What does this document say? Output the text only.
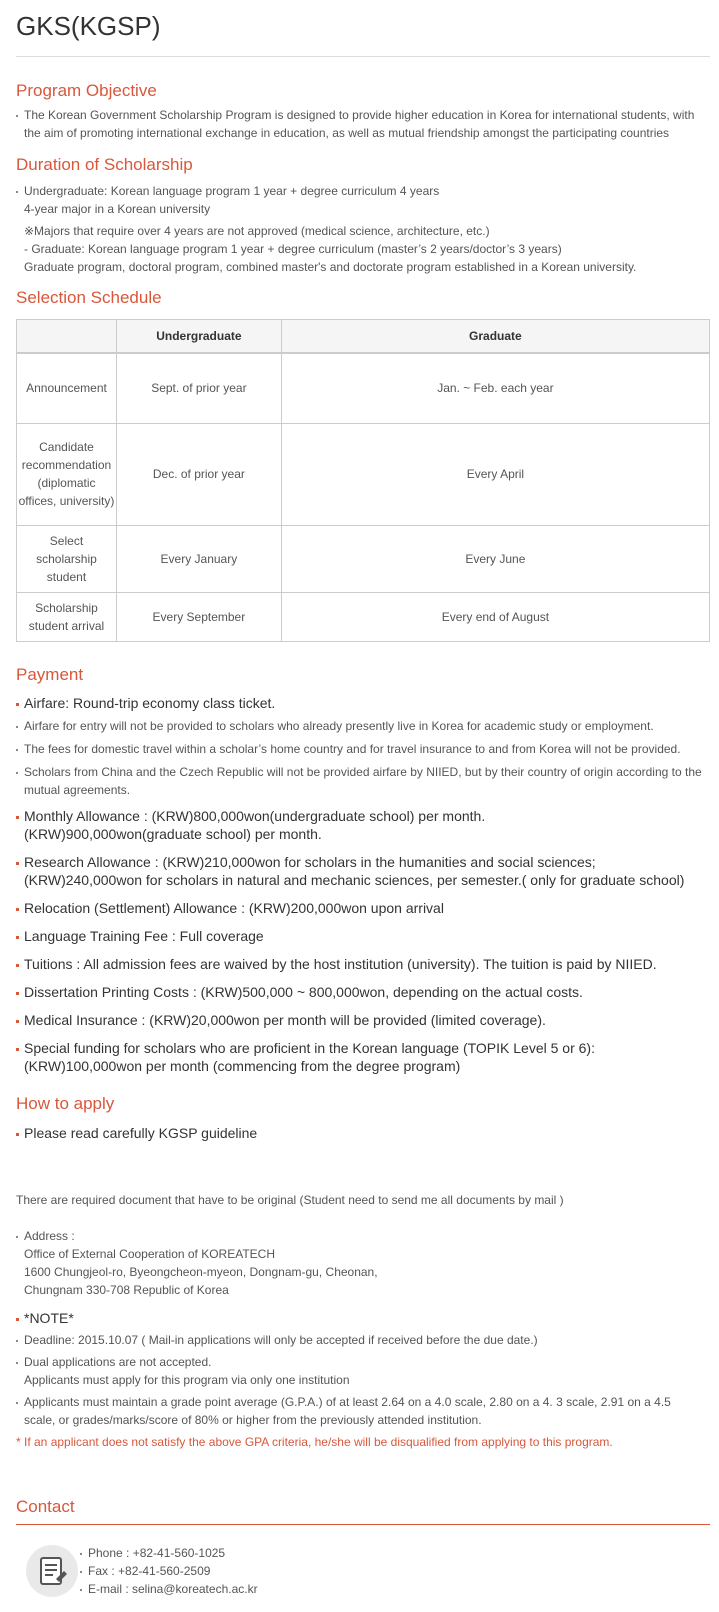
GKS(KGSP)
Program Objective
The Korean Government Scholarship Program is designed to provide higher education in Korea for international students, with the aim of promoting international exchange in education, as well as mutual friendship amongst the participating countries
Duration of Scholarship
Undergraduate: Korean language program 1 year + degree curriculum 4 years
4-year major in a Korean university
※Majors that require over 4 years are not approved (medical science, architecture, etc.)
- Graduate: Korean language program 1 year + degree curriculum (master’s 2 years/doctor’s 3 years)
Graduate program, doctoral program, combined master's and doctorate program established in a Korean university.
Selection Schedule
	Undergraduate	Graduate
Announcement	Sept. of prior year	Jan. ~ Feb. each year
Candidate recommendation (diplomatic offices, university)	Dec. of prior year	Every April
Select scholarship student	Every January	Every June
Scholarship student arrival	Every September	Every end of August
Payment
Airfare: Round-trip economy class ticket.
Airfare for entry will not be provided to scholars who already presently live in Korea for academic study or employment.
The fees for domestic travel within a scholar’s home country and for travel insurance to and from Korea will not be provided.
Scholars from China and the Czech Republic will not be provided airfare by NIIED, but by their country of origin according to the mutual agreements.
Monthly Allowance : (KRW)800,000won(undergraduate school) per month.
(KRW)900,000won(graduate school) per month.
Research Allowance : (KRW)210,000won for scholars in the humanities and social sciences;
(KRW)240,000won for scholars in natural and mechanic sciences, per semester.( only for graduate school)
Relocation (Settlement) Allowance : (KRW)200,000won upon arrival
Language Training Fee : Full coverage
Tuitions : All admission fees are waived by the host institution (university). The tuition is paid by NIIED.
Dissertation Printing Costs : (KRW)500,000 ~ 800,000won, depending on the actual costs.
Medical Insurance : (KRW)20,000won per month will be provided (limited coverage).
Special funding for scholars who are proficient in the Korean language (TOPIK Level 5 or 6):
(KRW)100,000won per month (commencing from the degree program)
How to apply
Please read carefully KGSP guideline
There are required document that have to be original (Student need to send me all documents by mail )
Address :
Office of External Cooperation of KOREATECH
1600 Chungjeol-ro, Byeongcheon-myeon, Dongnam-gu, Cheonan,
Chungnam 330-708 Republic of Korea
*NOTE*
Deadline: 2015.10.07 ( Mail-in applications will only be accepted if received before the due date.)
Dual applications are not accepted.
Applicants must apply for this program via only one institution
Applicants must maintain a grade point average (G.P.A.) of at least 2.64 on a 4.0 scale, 2.80 on a 4. 3 scale, 2.91 on a 4.5
scale, or grades/marks/score of 80% or higher from the previously attended institution.
* If an applicant does not satisfy the above GPA criteria, he/she will be disqualified from applying to this program.
Contact
Phone : +82-41-560-1025
Fax : +82-41-560-2509
E-mail : selina@koreatech.ac.kr
